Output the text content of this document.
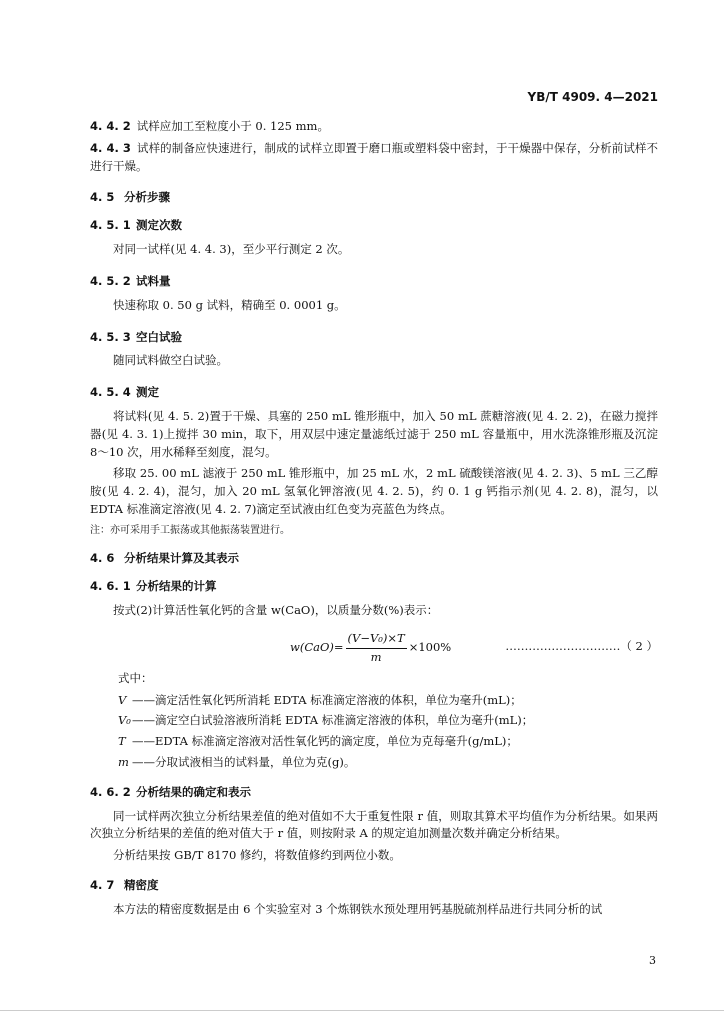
YB/T 4909. 4—2021

4. 4. 2 试样应加工至粒度小于 0. 125 mm。

4. 4. 3 试样的制备应快速进行，制成的试样立即置于磨口瓶或塑料袋中密封，于干燥器中保存，分析前试样不进行干燥。

4. 5 分析步骤
4. 5. 1 测定次数

对同一试样(见 4. 4. 3)，至少平行测定 2 次。

4. 5. 2 试料量

快速称取 0. 50 g 试料，精确至 0. 0001 g。

4. 5. 3 空白试验

随同试料做空白试验。

4. 5. 4 测定

将试料(见 4. 5. 2)置于干燥、具塞的 250 mL 锥形瓶中，加入 50 mL 蔗糖溶液(见 4. 2. 2)，在磁力搅拌器(见 4. 3. 1)上搅拌 30 min，取下，用双层中速定量滤纸过滤于 250 mL 容量瓶中，用水洗涤锥形瓶及沉淀 8～10 次，用水稀释至刻度，混匀。

移取 25. 00 mL 滤液于 250 mL 锥形瓶中，加 25 mL 水，2 mL 硫酸镁溶液(见 4. 2. 3)、5 mL 三乙醇胺(见 4. 2. 4)，混匀，加入 20 mL 氢氧化钾溶液(见 4. 2. 5)，约 0. 1 g 钙指示剂(见 4. 2. 8)，混匀，以 EDTA 标准滴定溶液(见 4. 2. 7)滴定至试液由红色变为亮蓝色为终点。

注：亦可采用手工振荡或其他振荡装置进行。

4. 6 分析结果计算及其表示
4. 6. 1 分析结果的计算

按式(2)计算活性氧化钙的含量 w(CaO)，以质量分数(%)表示：

$w(CaO)= \frac{\text{(V−V₀)×T}}{m} \times 100\%$	…………………………（ 2 ）

式中：

V ——滴定活性氧化钙所消耗 EDTA 标准滴定溶液的体积，单位为毫升(mL)；
V₀——滴定空白试验溶液所消耗 EDTA 标准滴定溶液的体积，单位为毫升(mL)；
T ——EDTA 标准滴定溶液对活性氧化钙的滴定度，单位为克每毫升(g/mL)；
m ——分取试液相当的试料量，单位为克(g)。
4. 6. 2 分析结果的确定和表示

同一试样两次独立分析结果差值的绝对值如不大于重复性限 r 值，则取其算术平均值作为分析结果。如果两次独立分析结果的差值的绝对值大于 r 值，则按附录 A 的规定追加测量次数并确定分析结果。

分析结果按 GB/T 8170 修约，将数值修约到两位小数。

4. 7 精密度

本方法的精密度数据是由 6 个实验室对 3 个炼钢铁水预处理用钙基脱硫剂样品进行共同分析的试

3
